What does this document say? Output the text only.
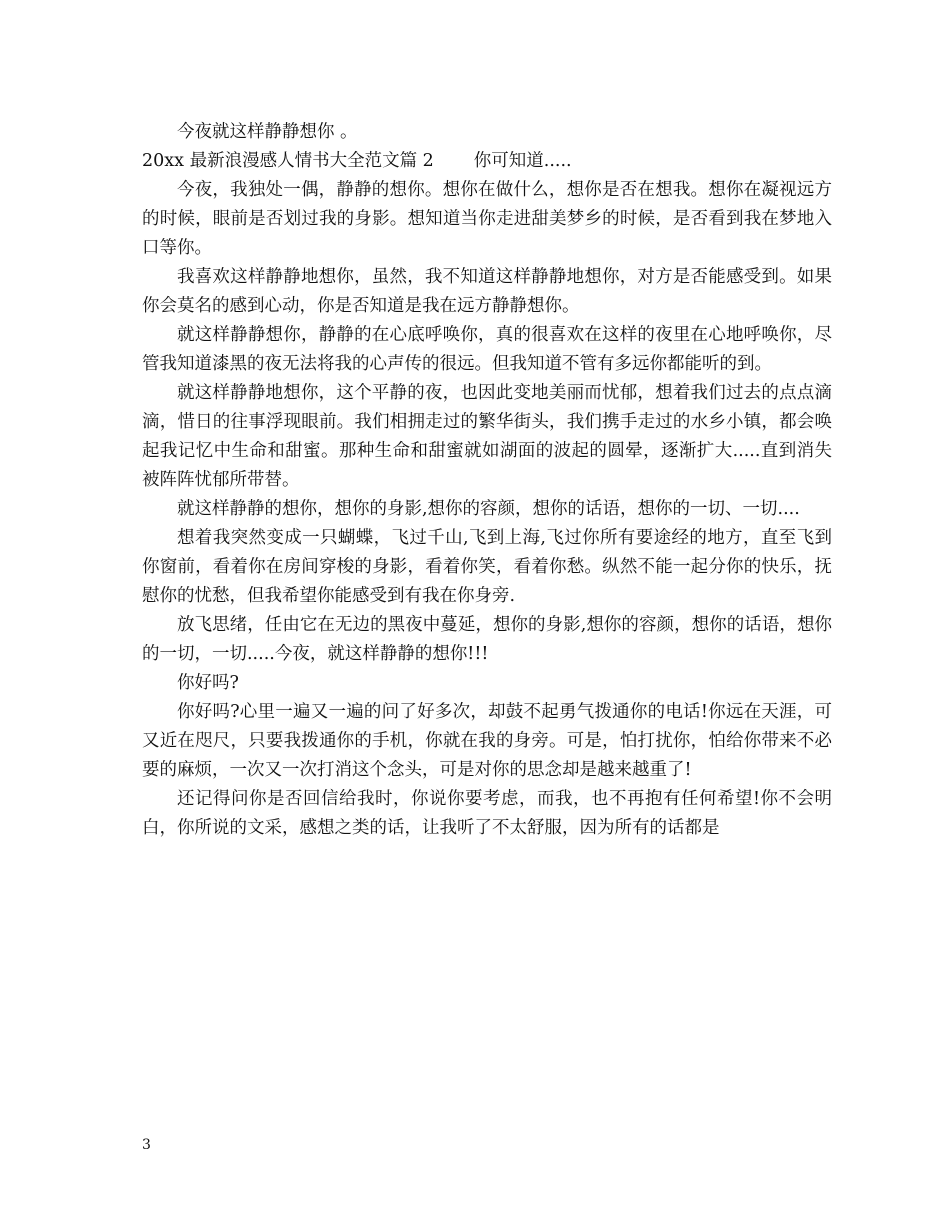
今夜就这样静静想你 。

20xx 最新浪漫感人情书大全范文篇 2 你可知道.....

今夜，我独处一偶，静静的想你。想你在做什么，想你是否在想我。想你在凝视远方的时候，眼前是否划过我的身影。想知道当你走进甜美梦乡的时候，是否看到我在梦地入口等你。

我喜欢这样静静地想你，虽然，我不知道这样静静地想你，对方是否能感受到。如果你会莫名的感到心动，你是否知道是我在远方静静想你。

就这样静静想你，静静的在心底呼唤你，真的很喜欢在这样的夜里在心地呼唤你，尽管我知道漆黑的夜无法将我的心声传的很远。但我知道不管有多远你都能听的到。

就这样静静地想你，这个平静的夜，也因此变地美丽而忧郁，想着我们过去的点点滴滴，惜日的往事浮现眼前。我们相拥走过的繁华街头，我们携手走过的水乡小镇，都会唤起我记忆中生命和甜蜜。那种生命和甜蜜就如湖面的波起的圆晕，逐渐扩大.....直到消失被阵阵忧郁所带替。

就这样静静的想你，想你的身影,想你的容颜，想你的话语，想你的一切、一切....

想着我突然变成一只蝴蝶，飞过千山,飞到上海,飞过你所有要途经的地方，直至飞到你窗前，看着你在房间穿梭的身影，看着你笑，看着你愁。纵然不能一起分你的快乐，抚慰你的忧愁，但我希望你能感受到有我在你身旁.

放飞思绪，任由它在无边的黑夜中蔓延，想你的身影,想你的容颜，想你的话语，想你的一切，一切.....今夜，就这样静静的想你!!!

你好吗?

你好吗?心里一遍又一遍的问了好多次，却鼓不起勇气拨通你的电话!你远在天涯，可又近在咫尺，只要我拨通你的手机，你就在我的身旁。可是，怕打扰你，怕给你带来不必要的麻烦，一次又一次打消这个念头，可是对你的思念却是越来越重了!

还记得问你是否回信给我时，你说你要考虑，而我，也不再抱有任何希望!你不会明白，你所说的文采，感想之类的话，让我听了不太舒服，因为所有的话都是

3
